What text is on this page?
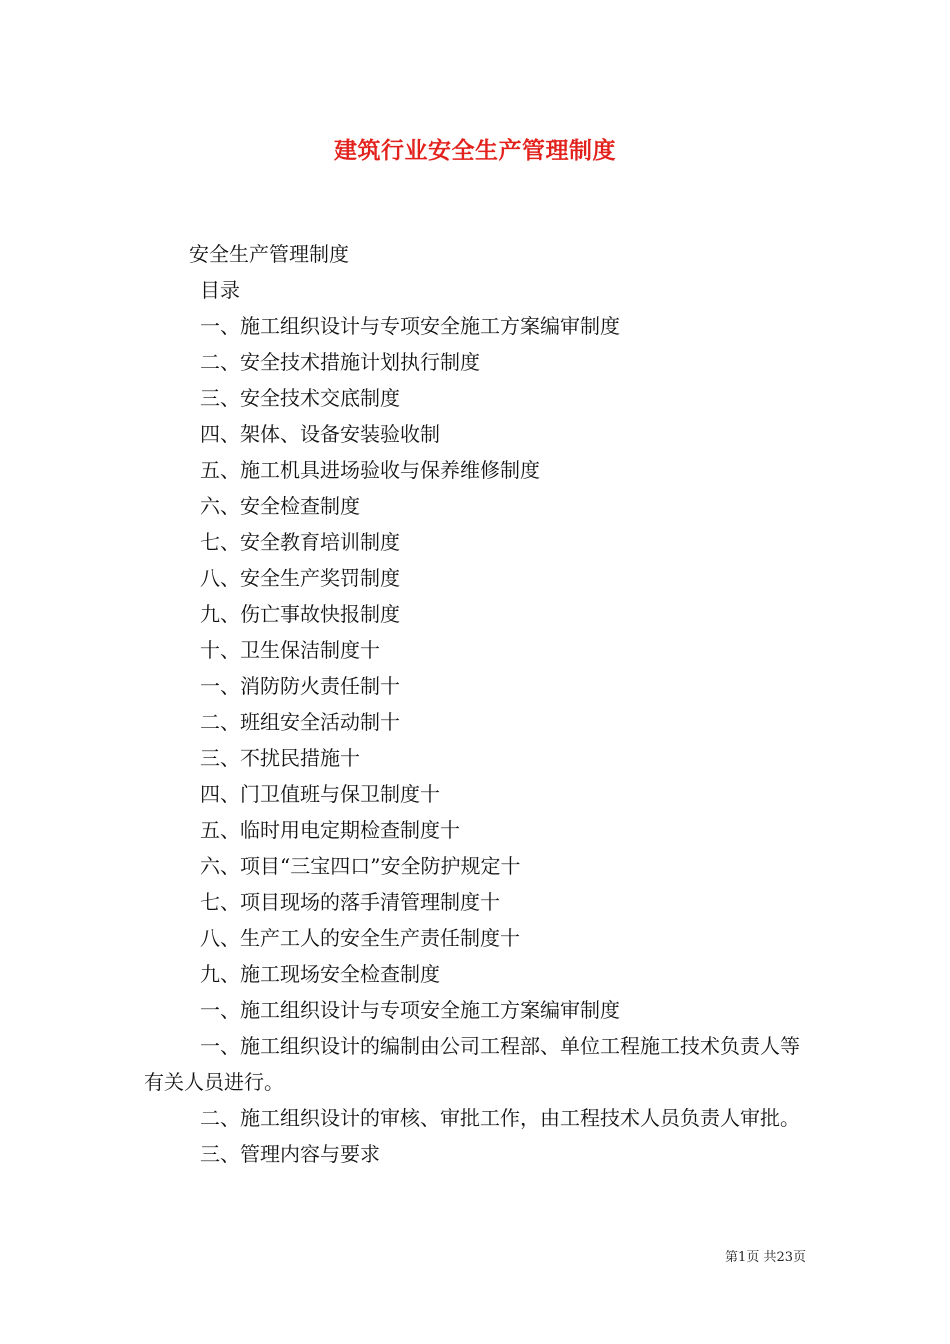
建筑行业安全生产管理制度
安全生产管理制度
目录
一、施工组织设计与专项安全施工方案编审制度
二、安全技术措施计划执行制度
三、安全技术交底制度
四、架体、设备安装验收制
五、施工机具进场验收与保养维修制度
六、安全检查制度
七、安全教育培训制度
八、安全生产奖罚制度
九、伤亡事故快报制度
十、卫生保洁制度十
一、消防防火责任制十
二、班组安全活动制十
三、不扰民措施十
四、门卫值班与保卫制度十
五、临时用电定期检查制度十
六、项目“三宝四口”安全防护规定十
七、项目现场的落手清管理制度十
八、生产工人的安全生产责任制度十
九、施工现场安全检查制度
一、施工组织设计与专项安全施工方案编审制度
一、施工组织设计的编制由公司工程部、单位工程施工技术负责人等有关人员进行。
二、施工组织设计的审核、审批工作，由工程技术人员负责人审批。
三、管理内容与要求
第1页 共23页
